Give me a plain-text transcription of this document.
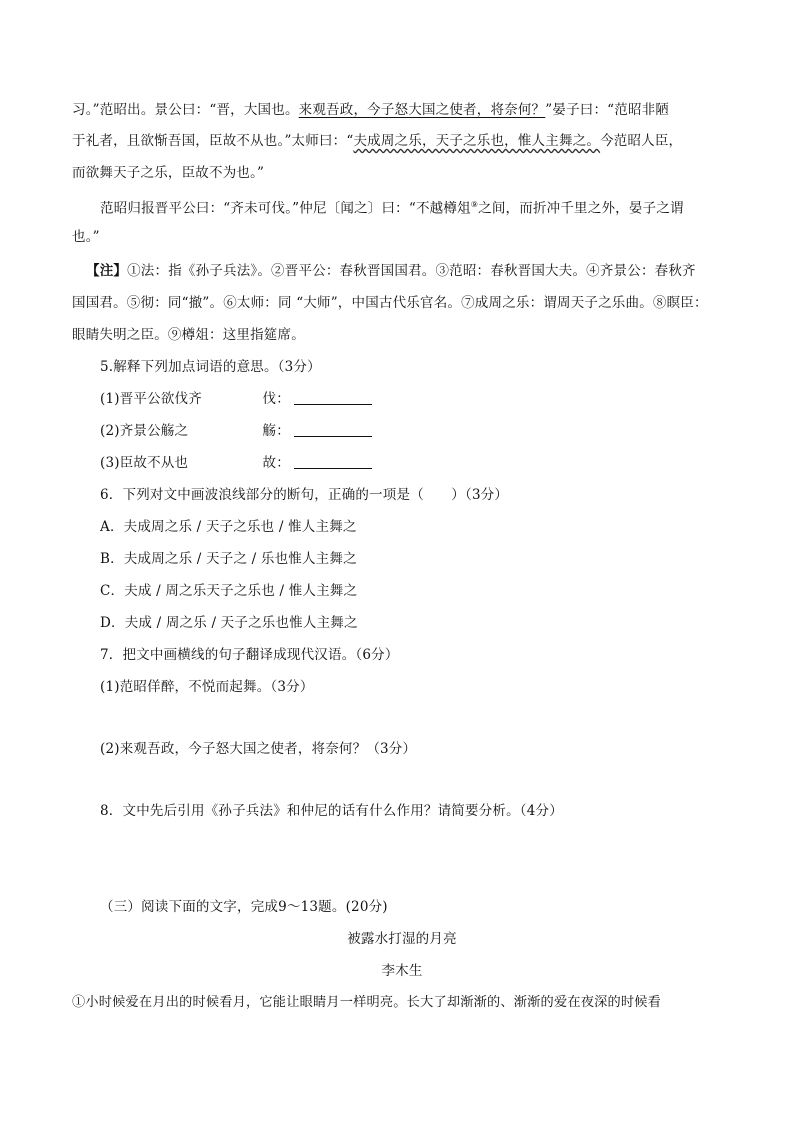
习。”范昭出。景公曰：“晋，大国也。来观吾政，今子怒大国之使者，将奈何？”晏子曰：“范昭非陋
于礼者，且欲惭吾国，臣故不从也。”太师曰：“夫成周之乐，天子之乐也，惟人主舞之。今范昭人臣，
而欲舞天子之乐，臣故不为也。”
范昭归报晋平公曰：“齐未可伐。”仲尼〔闻之〕曰：“不越樽俎⑨之间，而折冲千里之外，晏子之谓
也。”
【注】①法：指《孙子兵法》。②晋平公：春秋晋国国君。③范昭：春秋晋国大夫。④齐景公：春秋齐
国国君。⑤彻：同“撤”。⑥太师：同 “大师”，中国古代乐官名。⑦成周之乐：谓周天子之乐曲。⑧瞑臣：
眼睛失明之臣。⑨樽俎：这里指筵席。
5.解释下列加点词语的意思。（3分）
(1)晋平公欲伐齐	伐：
(2)齐景公觞之	觞：
(3)臣故不从也	故：
6．下列对文中画波浪线部分的断句，正确的一项是（　　）（3分）
A．夫成周之乐 / 天子之乐也 / 惟人主舞之
B．夫成周之乐 / 天子之 / 乐也惟人主舞之
C．夫成 / 周之乐天子之乐也 / 惟人主舞之
D．夫成 / 周之乐 / 天子之乐也惟人主舞之
7．把文中画横线的句子翻译成现代汉语。（6分）
(1)范昭佯醉，不悦而起舞。（3分）
(2)来观吾政，今子怒大国之使者，将奈何？（3分）
8．文中先后引用《孙子兵法》和仲尼的话有什么作用？请简要分析。（4分）
（三）阅读下面的文字，完成9～13题。(20分)
被露水打湿的月亮
李木生
①小时候爱在月出的时候看月，它能让眼睛月一样明亮。长大了却渐渐的、渐渐的爱在夜深的时候看
